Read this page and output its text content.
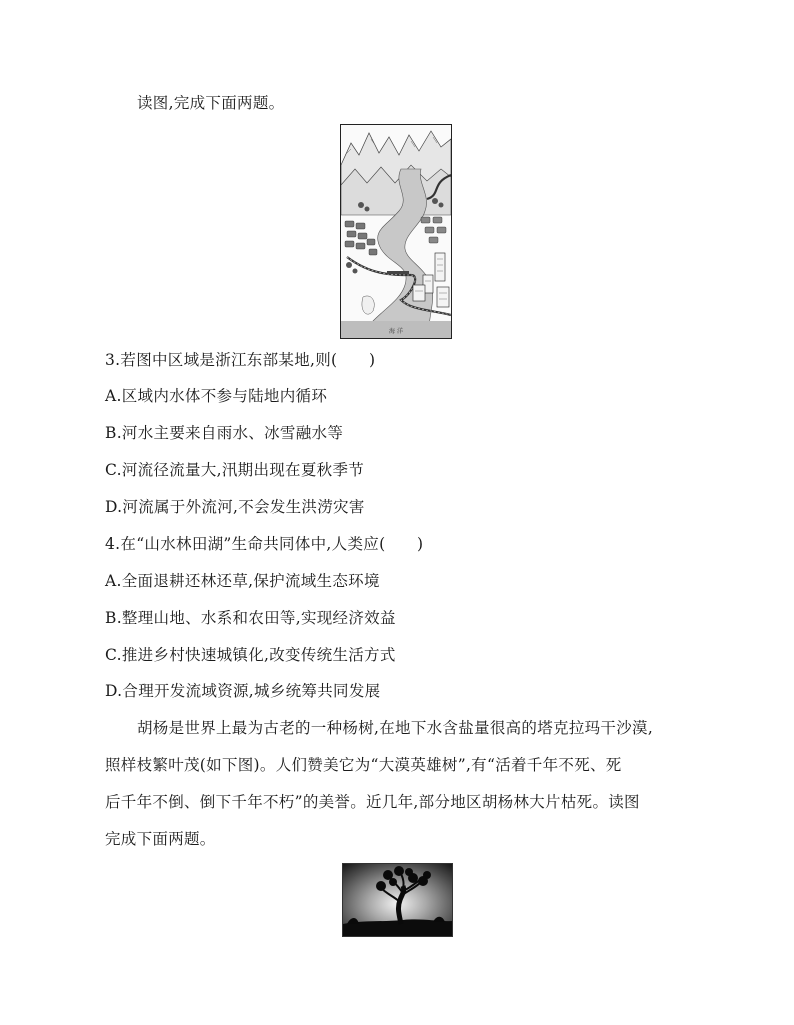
读图,完成下面两题。
海 洋
3.若图中区域是浙江东部某地,则(　　)
A.区域内水体不参与陆地内循环
B.河水主要来自雨水、冰雪融水等
C.河流径流量大,汛期出现在夏秋季节
D.河流属于外流河,不会发生洪涝灾害
4.在“山水林田湖”生命共同体中,人类应(　　)
A.全面退耕还林还草,保护流域生态环境
B.整理山地、水系和农田等,实现经济效益
C.推进乡村快速城镇化,改变传统生活方式
D.合理开发流域资源,城乡统筹共同发展
胡杨是世界上最为古老的一种杨树,在地下水含盐量很高的塔克拉玛干沙漠,
照样枝繁叶茂(如下图)。人们赞美它为“大漠英雄树”,有“活着千年不死、死
后千年不倒、倒下千年不朽”的美誉。近几年,部分地区胡杨林大片枯死。读图
完成下面两题。
